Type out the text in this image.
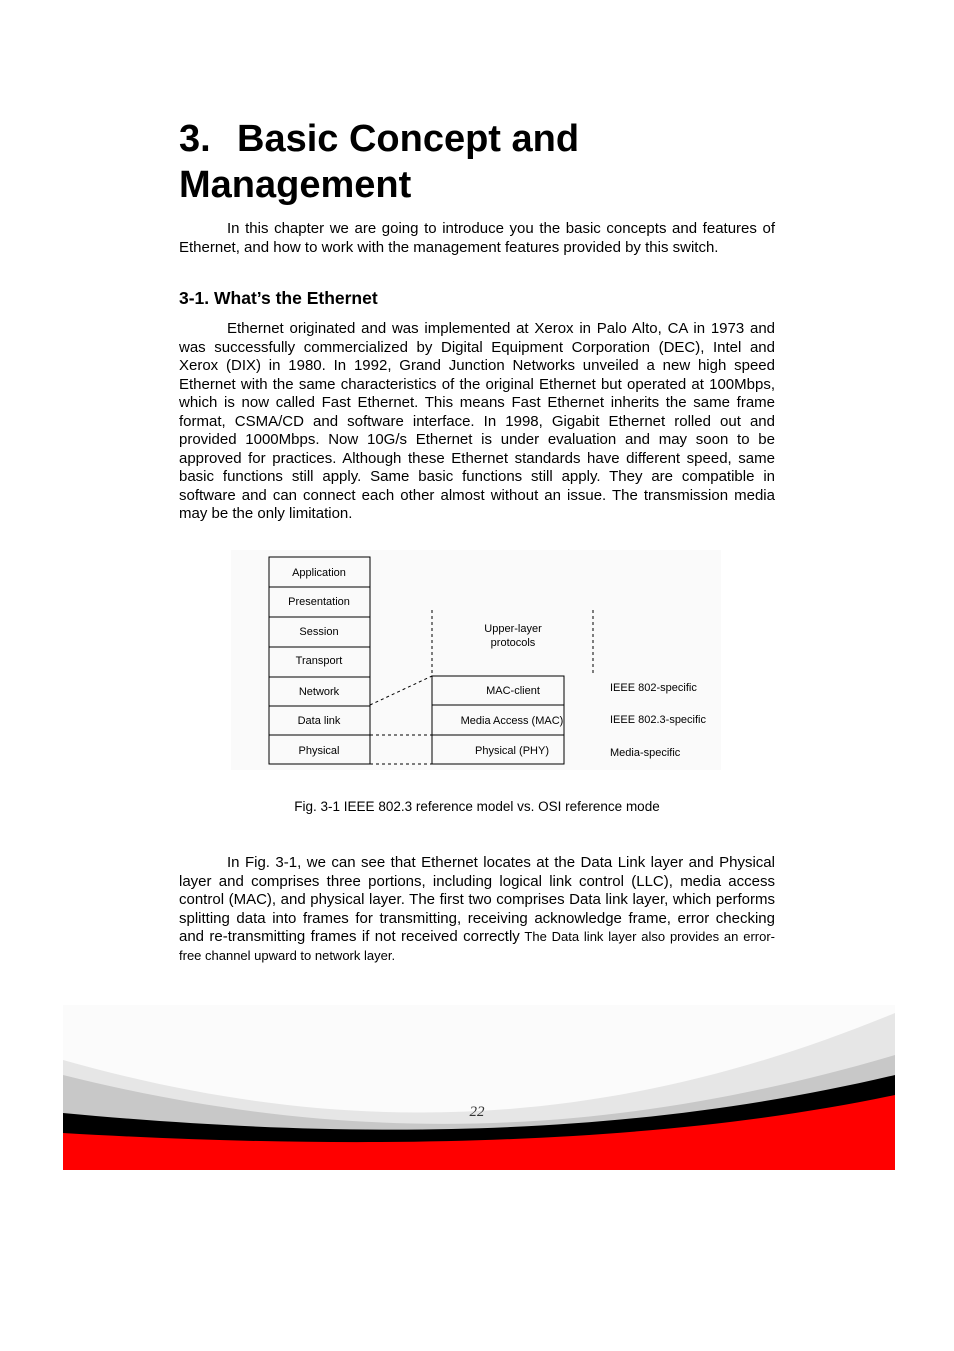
3. Basic Concept and Management

In this chapter we are going to introduce you the basic concepts and features of Ethernet, and how to work with the management features provided by this switch.

3-1. What’s the Ethernet

Ethernet originated and was implemented at Xerox in Palo Alto, CA in 1973 and was successfully commercialized by Digital Equipment Corporation (DEC), Intel and Xerox (DIX) in 1980. In 1992, Grand Junction Networks unveiled a new high speed Ethernet with the same characteristics of the original Ethernet but operated at 100Mbps, which is now called Fast Ethernet. This means Fast Ethernet inherits the same frame format, CSMA/CD and software interface. In 1998, Gigabit Ethernet rolled out and provided 1000Mbps. Now 10G/s Ethernet is under evaluation and may soon to be approved for practices. Although these Ethernet standards have different speed, same basic functions still apply. Same basic functions still apply. They are compatible in software and can connect each other almost without an issue. The transmission media may be the only limitation.

Application
Presentation
Session
Transport
Network
Data link
Physical
Upper-layer protocols
MAC-client
Media Access (MAC)
Physical (PHY)
IEEE 802-specific
IEEE 802.3-specific
Media-specific
Fig. 3-1 IEEE 802.3 reference model vs. OSI reference mode

In Fig. 3-1, we can see that Ethernet locates at the Data Link layer and Physical layer and comprises three portions, including logical link control (LLC), media access control (MAC), and physical layer. The first two comprises Data link layer, which performs splitting data into frames for transmitting, receiving acknowledge frame, error checking and re-transmitting frames if not received correctly The Data link layer also provides an error-free channel upward to network layer.

22
